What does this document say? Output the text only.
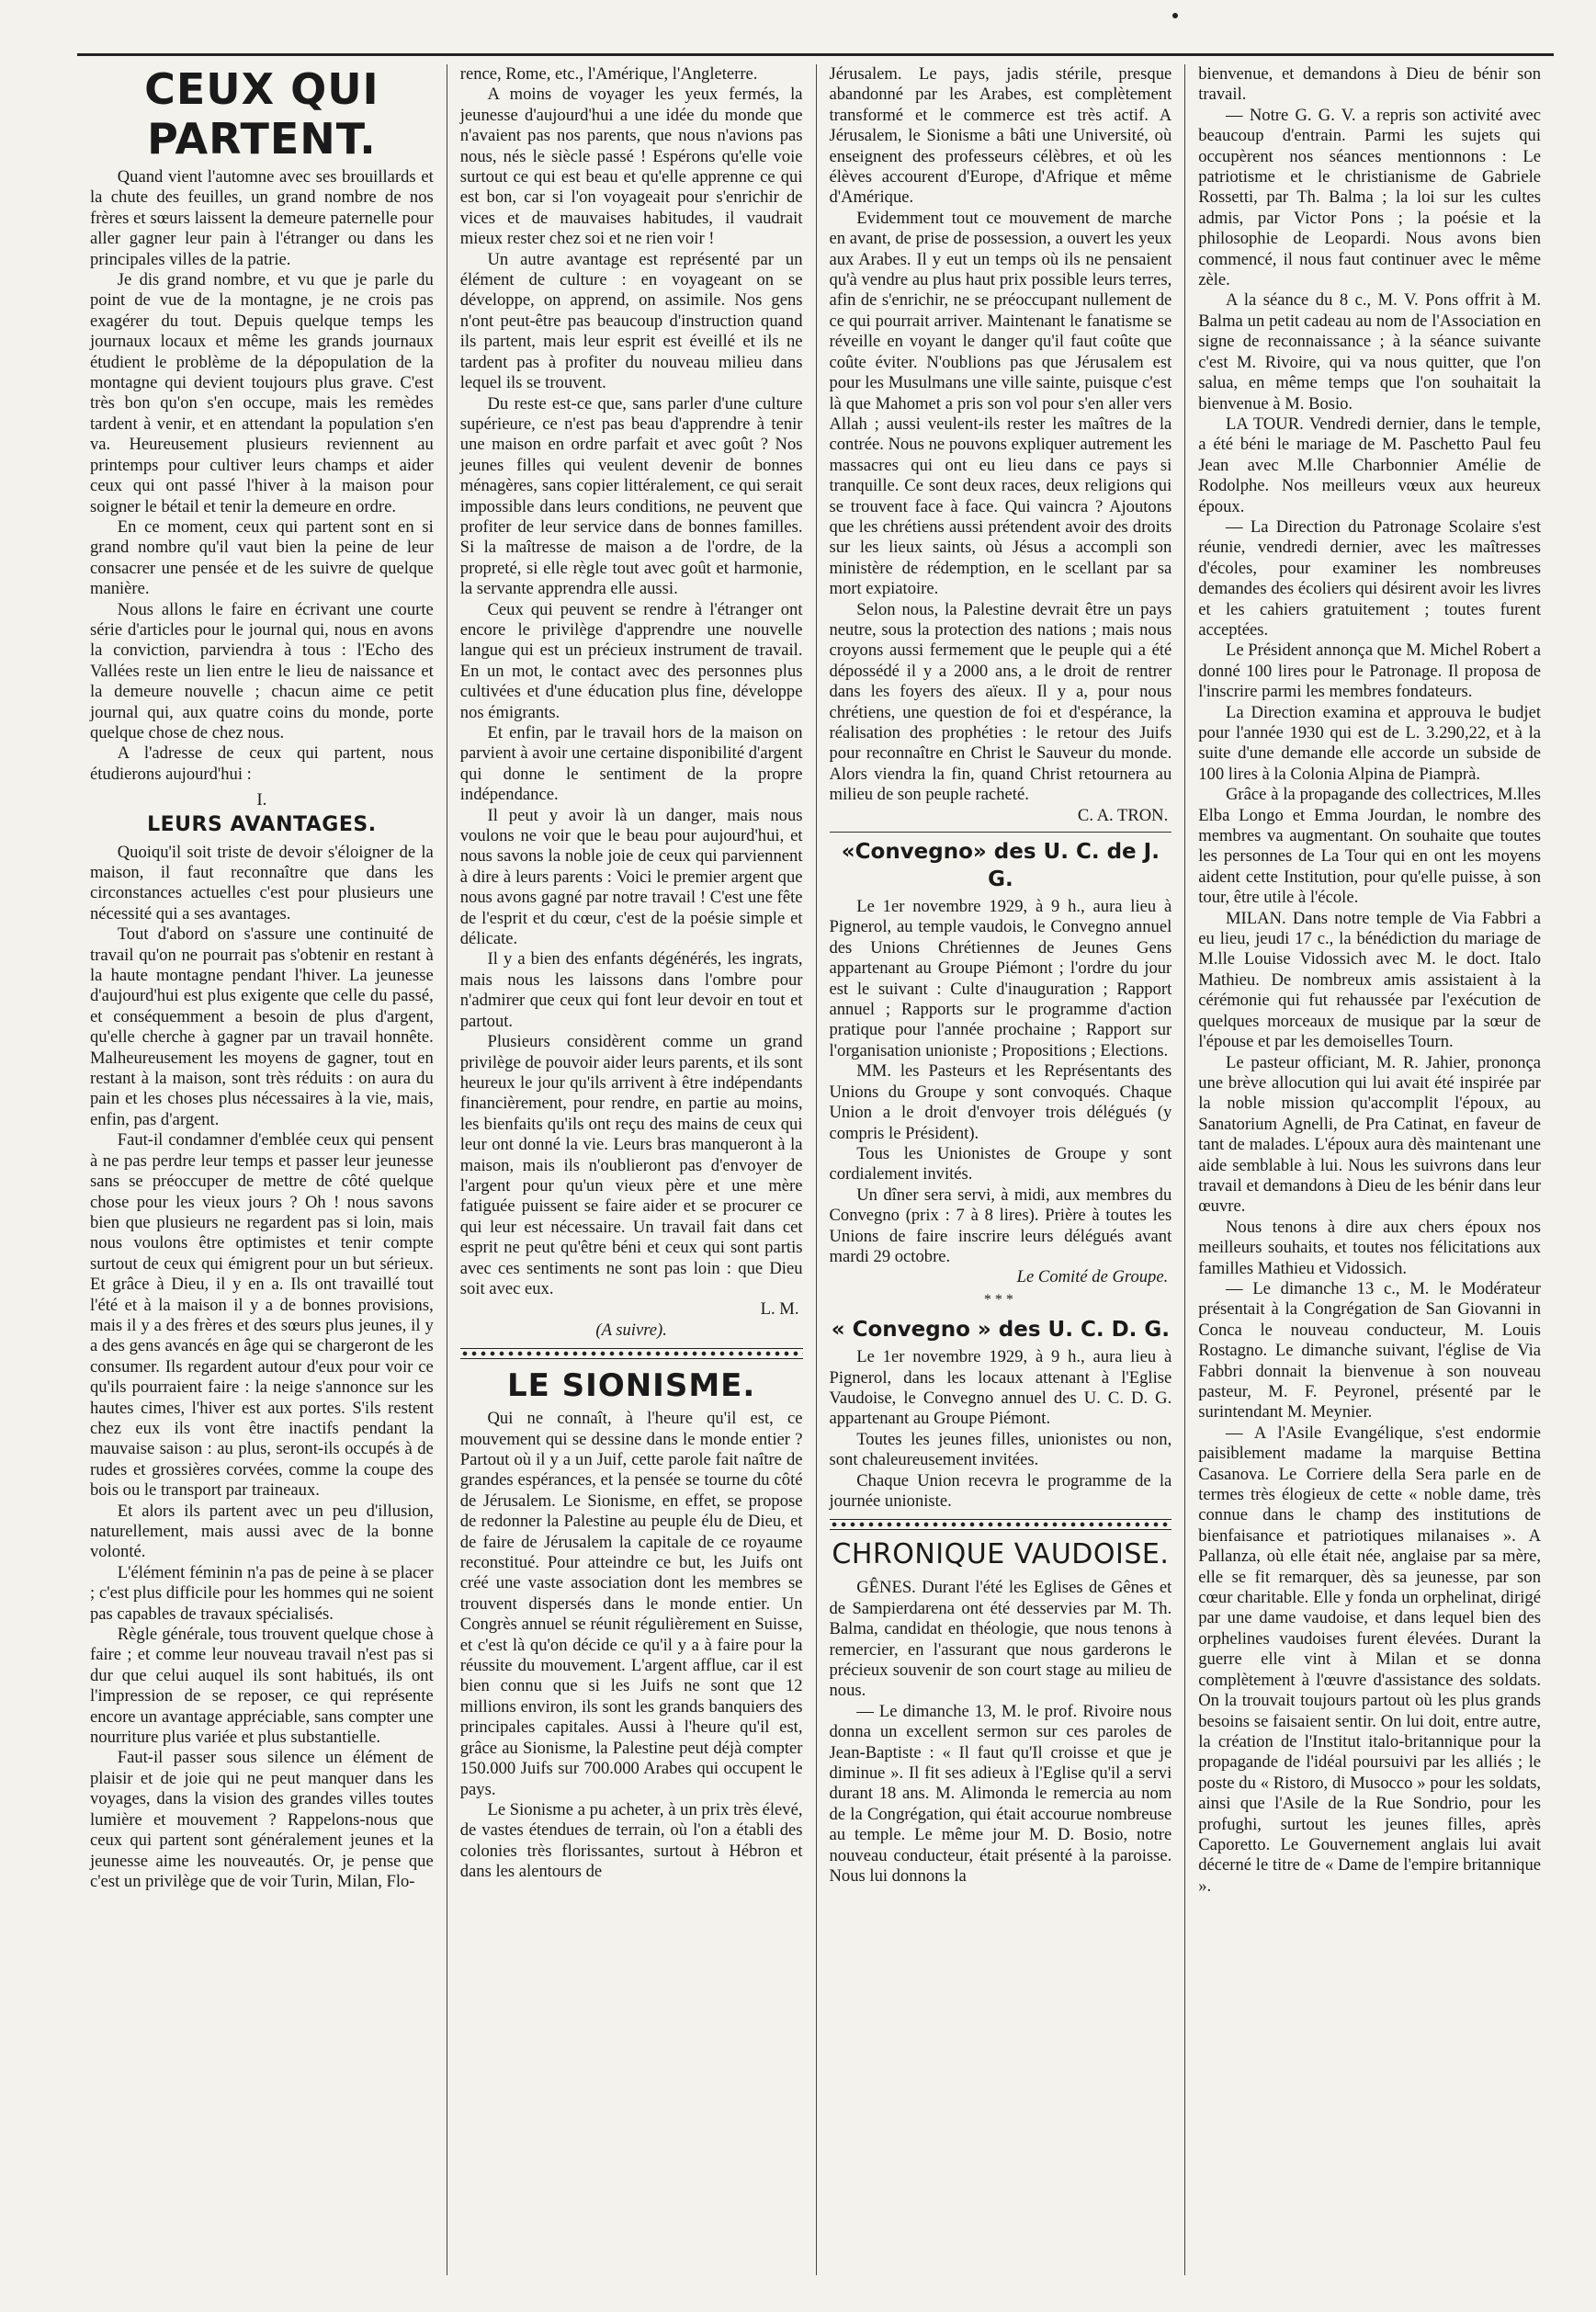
CEUX QUI PARTENT.

Quand vient l'automne avec ses brouillards et la chute des feuilles, un grand nombre de nos frères et sœurs laissent la demeure paternelle pour aller gagner leur pain à l'étranger ou dans les principales villes de la patrie.

Je dis grand nombre, et vu que je parle du point de vue de la montagne, je ne crois pas exagérer du tout. Depuis quelque temps les journaux locaux et même les grands journaux étudient le problème de la dépopulation de la montagne qui devient toujours plus grave. C'est très bon qu'on s'en occupe, mais les remèdes tardent à venir, et en attendant la population s'en va. Heureusement plusieurs reviennent au printemps pour cultiver leurs champs et aider ceux qui ont passé l'hiver à la maison pour soigner le bétail et tenir la demeure en ordre.

En ce moment, ceux qui partent sont en si grand nombre qu'il vaut bien la peine de leur consacrer une pensée et de les suivre de quelque manière.

Nous allons le faire en écrivant une courte série d'articles pour le journal qui, nous en avons la conviction, parviendra à tous : l'Echo des Vallées reste un lien entre le lieu de naissance et la demeure nouvelle ; chacun aime ce petit journal qui, aux quatre coins du monde, porte quelque chose de chez nous.

A l'adresse de ceux qui partent, nous étudierons aujourd'hui :

I.
LEURS AVANTAGES.

Quoiqu'il soit triste de devoir s'éloigner de la maison, il faut reconnaître que dans les circonstances actuelles c'est pour plusieurs une nécessité qui a ses avantages.

Tout d'abord on s'assure une continuité de travail qu'on ne pourrait pas s'obtenir en restant à la haute montagne pendant l'hiver. La jeunesse d'aujourd'hui est plus exigente que celle du passé, et conséquemment a besoin de plus d'argent, qu'elle cherche à gagner par un travail honnête. Malheureusement les moyens de gagner, tout en restant à la maison, sont très réduits : on aura du pain et les choses plus nécessaires à la vie, mais, enfin, pas d'argent.

Faut-il condamner d'emblée ceux qui pensent à ne pas perdre leur temps et passer leur jeunesse sans se préoccuper de mettre de côté quelque chose pour les vieux jours ? Oh ! nous savons bien que plusieurs ne regardent pas si loin, mais nous voulons être optimistes et tenir compte surtout de ceux qui émigrent pour un but sérieux. Et grâce à Dieu, il y en a. Ils ont travaillé tout l'été et à la maison il y a de bonnes provisions, mais il y a des frères et des sœurs plus jeunes, il y a des gens avancés en âge qui se chargeront de les consumer. Ils regardent autour d'eux pour voir ce qu'ils pourraient faire : la neige s'annonce sur les hautes cimes, l'hiver est aux portes. S'ils restent chez eux ils vont être inactifs pendant la mauvaise saison : au plus, seront-ils occupés à de rudes et grossières corvées, comme la coupe des bois ou le transport par traineaux.

Et alors ils partent avec un peu d'illusion, naturellement, mais aussi avec de la bonne volonté.

L'élément féminin n'a pas de peine à se placer ; c'est plus difficile pour les hommes qui ne soient pas capables de travaux spécialisés.

Règle générale, tous trouvent quelque chose à faire ; et comme leur nouveau travail n'est pas si dur que celui auquel ils sont habitués, ils ont l'impression de se reposer, ce qui représente encore un avantage appréciable, sans compter une nourriture plus variée et plus substantielle.

Faut-il passer sous silence un élément de plaisir et de joie qui ne peut manquer dans les voyages, dans la vision des grandes villes toutes lumière et mouvement ? Rappelons-nous que ceux qui partent sont généralement jeunes et la jeunesse aime les nouveautés. Or, je pense que c'est un privilège que de voir Turin, Milan, Flo-

rence, Rome, etc., l'Amérique, l'Angleterre.

A moins de voyager les yeux fermés, la jeunesse d'aujourd'hui a une idée du monde que n'avaient pas nos parents, que nous n'avions pas nous, nés le siècle passé ! Espérons qu'elle voie surtout ce qui est beau et qu'elle apprenne ce qui est bon, car si l'on voyageait pour s'enrichir de vices et de mauvaises habitudes, il vaudrait mieux rester chez soi et ne rien voir !

Un autre avantage est représenté par un élément de culture : en voyageant on se développe, on apprend, on assimile. Nos gens n'ont peut-être pas beaucoup d'instruction quand ils partent, mais leur esprit est éveillé et ils ne tardent pas à profiter du nouveau milieu dans lequel ils se trouvent.

Du reste est-ce que, sans parler d'une culture supérieure, ce n'est pas beau d'apprendre à tenir une maison en ordre parfait et avec goût ? Nos jeunes filles qui veulent devenir de bonnes ménagères, sans copier littéralement, ce qui serait impossible dans leurs conditions, ne peuvent que profiter de leur service dans de bonnes familles. Si la maîtresse de maison a de l'ordre, de la propreté, si elle règle tout avec goût et harmonie, la servante apprendra elle aussi.

Ceux qui peuvent se rendre à l'étranger ont encore le privilège d'apprendre une nouvelle langue qui est un précieux instrument de travail. En un mot, le contact avec des personnes plus cultivées et d'une éducation plus fine, développe nos émigrants.

Et enfin, par le travail hors de la maison on parvient à avoir une certaine disponibilité d'argent qui donne le sentiment de la propre indépendance.

Il peut y avoir là un danger, mais nous voulons ne voir que le beau pour aujourd'hui, et nous savons la noble joie de ceux qui parviennent à dire à leurs parents : Voici le premier argent que nous avons gagné par notre travail ! C'est une fête de l'esprit et du cœur, c'est de la poésie simple et délicate.

Il y a bien des enfants dégénérés, les ingrats, mais nous les laissons dans l'ombre pour n'admirer que ceux qui font leur devoir en tout et partout.

Plusieurs considèrent comme un grand privilège de pouvoir aider leurs parents, et ils sont heureux le jour qu'ils arrivent à être indépendants financièrement, pour rendre, en partie au moins, les bienfaits qu'ils ont reçu des mains de ceux qui leur ont donné la vie. Leurs bras manqueront à la maison, mais ils n'oublieront pas d'envoyer de l'argent pour qu'un vieux père et une mère fatiguée puissent se faire aider et se procurer ce qui leur est nécessaire. Un travail fait dans cet esprit ne peut qu'être béni et ceux qui sont partis avec ces sentiments ne sont pas loin : que Dieu soit avec eux.

L. M.
(A suivre).
LE SIONISME.

Qui ne connaît, à l'heure qu'il est, ce mouvement qui se dessine dans le monde entier ? Partout où il y a un Juif, cette parole fait naître de grandes espérances, et la pensée se tourne du côté de Jérusalem. Le Sionisme, en effet, se propose de redonner la Palestine au peuple élu de Dieu, et de faire de Jérusalem la capitale de ce royaume reconstitué. Pour atteindre ce but, les Juifs ont créé une vaste association dont les membres se trouvent dispersés dans le monde entier. Un Congrès annuel se réunit régulièrement en Suisse, et c'est là qu'on décide ce qu'il y a à faire pour la réussite du mouvement. L'argent afflue, car il est bien connu que si les Juifs ne sont que 12 millions environ, ils sont les grands banquiers des principales capitales. Aussi à l'heure qu'il est, grâce au Sionisme, la Palestine peut déjà compter 150.000 Juifs sur 700.000 Arabes qui occupent le pays.

Le Sionisme a pu acheter, à un prix très élevé, de vastes étendues de terrain, où l'on a établi des colonies très florissantes, surtout à Hébron et dans les alentours de

Jérusalem. Le pays, jadis stérile, presque abandonné par les Arabes, est complètement transformé et le commerce est très actif. A Jérusalem, le Sionisme a bâti une Université, où enseignent des professeurs célèbres, et où les élèves accourent d'Europe, d'Afrique et même d'Amérique.

Evidemment tout ce mouvement de marche en avant, de prise de possession, a ouvert les yeux aux Arabes. Il y eut un temps où ils ne pensaient qu'à vendre au plus haut prix possible leurs terres, afin de s'enrichir, ne se préoccupant nullement de ce qui pourrait arriver. Maintenant le fanatisme se réveille en voyant le danger qu'il faut coûte que coûte éviter. N'oublions pas que Jérusalem est pour les Musulmans une ville sainte, puisque c'est là que Mahomet a pris son vol pour s'en aller vers Allah ; aussi veulent-ils rester les maîtres de la contrée. Nous ne pouvons expliquer autrement les massacres qui ont eu lieu dans ce pays si tranquille. Ce sont deux races, deux religions qui se trouvent face à face. Qui vaincra ? Ajoutons que les chrétiens aussi prétendent avoir des droits sur les lieux saints, où Jésus a accompli son ministère de rédemption, en le scellant par sa mort expiatoire.

Selon nous, la Palestine devrait être un pays neutre, sous la protection des nations ; mais nous croyons aussi fermement que le peuple qui a été dépossédé il y a 2000 ans, a le droit de rentrer dans les foyers des aïeux. Il y a, pour nous chrétiens, une question de foi et d'espérance, la réalisation des prophéties : le retour des Juifs pour reconnaître en Christ le Sauveur du monde. Alors viendra la fin, quand Christ retournera au milieu de son peuple racheté.

C. A. TRON.
«Convegno» des U. C. de J. G.

Le 1er novembre 1929, à 9 h., aura lieu à Pignerol, au temple vaudois, le Convegno annuel des Unions Chrétiennes de Jeunes Gens appartenant au Groupe Piémont ; l'ordre du jour est le suivant : Culte d'inauguration ; Rapport annuel ; Rapports sur le programme d'action pratique pour l'année prochaine ; Rapport sur l'organisation unioniste ; Propositions ; Elections.

MM. les Pasteurs et les Représentants des Unions du Groupe y sont convoqués. Chaque Union a le droit d'envoyer trois délégués (y compris le Président).

Tous les Unionistes de Groupe y sont cordialement invités.

Un dîner sera servi, à midi, aux membres du Convegno (prix : 7 à 8 lires). Prière à toutes les Unions de faire inscrire leurs délégués avant mardi 29 octobre.

Le Comité de Groupe.
***
« Convegno » des U. C. D. G.

Le 1er novembre 1929, à 9 h., aura lieu à Pignerol, dans les locaux attenant à l'Eglise Vaudoise, le Convegno annuel des U. C. D. G. appartenant au Groupe Piémont.

Toutes les jeunes filles, unionistes ou non, sont chaleureusement invitées.

Chaque Union recevra le programme de la journée unioniste.

CHRONIQUE VAUDOISE.

GÊNES. Durant l'été les Eglises de Gênes et de Sampierdarena ont été desservies par M. Th. Balma, candidat en théologie, que nous tenons à remercier, en l'assurant que nous garderons le précieux souvenir de son court stage au milieu de nous.

— Le dimanche 13, M. le prof. Rivoire nous donna un excellent sermon sur ces paroles de Jean-Baptiste : « Il faut qu'Il croisse et que je diminue ». Il fit ses adieux à l'Eglise qu'il a servi durant 18 ans. M. Alimonda le remercia au nom de la Congrégation, qui était accourue nombreuse au temple. Le même jour M. D. Bosio, notre nouveau conducteur, était présenté à la paroisse. Nous lui donnons la

bienvenue, et demandons à Dieu de bénir son travail.

— Notre G. G. V. a repris son activité avec beaucoup d'entrain. Parmi les sujets qui occupèrent nos séances mentionnons : Le patriotisme et le christianisme de Gabriele Rossetti, par Th. Balma ; la loi sur les cultes admis, par Victor Pons ; la poésie et la philosophie de Leopardi. Nous avons bien commencé, il nous faut continuer avec le même zèle.

A la séance du 8 c., M. V. Pons offrit à M. Balma un petit cadeau au nom de l'Association en signe de reconnaissance ; à la séance suivante c'est M. Rivoire, qui va nous quitter, que l'on salua, en même temps que l'on souhaitait la bienvenue à M. Bosio.

LA TOUR. Vendredi dernier, dans le temple, a été béni le mariage de M. Paschetto Paul feu Jean avec M.lle Charbonnier Amélie de Rodolphe. Nos meilleurs vœux aux heureux époux.

— La Direction du Patronage Scolaire s'est réunie, vendredi dernier, avec les maîtresses d'écoles, pour examiner les nombreuses demandes des écoliers qui désirent avoir les livres et les cahiers gratuitement ; toutes furent acceptées.

Le Président annonça que M. Michel Robert a donné 100 lires pour le Patronage. Il proposa de l'inscrire parmi les membres fondateurs.

La Direction examina et approuva le budjet pour l'année 1930 qui est de L. 3.290,22, et à la suite d'une demande elle accorde un subside de 100 lires à la Colonia Alpina de Piamprà.

Grâce à la propagande des collectrices, M.lles Elba Longo et Emma Jourdan, le nombre des membres va augmentant. On souhaite que toutes les personnes de La Tour qui en ont les moyens aident cette Institution, pour qu'elle puisse, à son tour, être utile à l'école.

MILAN. Dans notre temple de Via Fabbri a eu lieu, jeudi 17 c., la bénédiction du mariage de M.lle Louise Vidossich avec M. le doct. Italo Mathieu. De nombreux amis assistaient à la cérémonie qui fut rehaussée par l'exécution de quelques morceaux de musique par la sœur de l'épouse et par les demoiselles Tourn.

Le pasteur officiant, M. R. Jahier, prononça une brève allocution qui lui avait été inspirée par la noble mission qu'accomplit l'époux, au Sanatorium Agnelli, de Pra Catinat, en faveur de tant de malades. L'époux aura dès maintenant une aide semblable à lui. Nous les suivrons dans leur travail et demandons à Dieu de les bénir dans leur œuvre.

Nous tenons à dire aux chers époux nos meilleurs souhaits, et toutes nos félicitations aux familles Mathieu et Vidossich.

— Le dimanche 13 c., M. le Modérateur présentait à la Congrégation de San Giovanni in Conca le nouveau conducteur, M. Louis Rostagno. Le dimanche suivant, l'église de Via Fabbri donnait la bienvenue à son nouveau pasteur, M. F. Peyronel, présenté par le surintendant M. Meynier.

— A l'Asile Evangélique, s'est endormie paisiblement madame la marquise Bettina Casanova. Le Corriere della Sera parle en de termes très élogieux de cette « noble dame, très connue dans le champ des institutions de bienfaisance et patriotiques milanaises ». A Pallanza, où elle était née, anglaise par sa mère, elle se fit remarquer, dès sa jeunesse, par son cœur charitable. Elle y fonda un orphelinat, dirigé par une dame vaudoise, et dans lequel bien des orphelines vaudoises furent élevées. Durant la guerre elle vint à Milan et se donna complètement à l'œuvre d'assistance des soldats. On la trouvait toujours partout où les plus grands besoins se faisaient sentir. On lui doit, entre autre, la création de l'Institut italo-britannique pour la propagande de l'idéal poursuivi par les alliés ; le poste du « Ristoro, di Musocco » pour les soldats, ainsi que l'Asile de la Rue Sondrio, pour les profughi, surtout les jeunes filles, après Caporetto. Le Gouvernement anglais lui avait décerné le titre de « Dame de l'empire britannique ».
